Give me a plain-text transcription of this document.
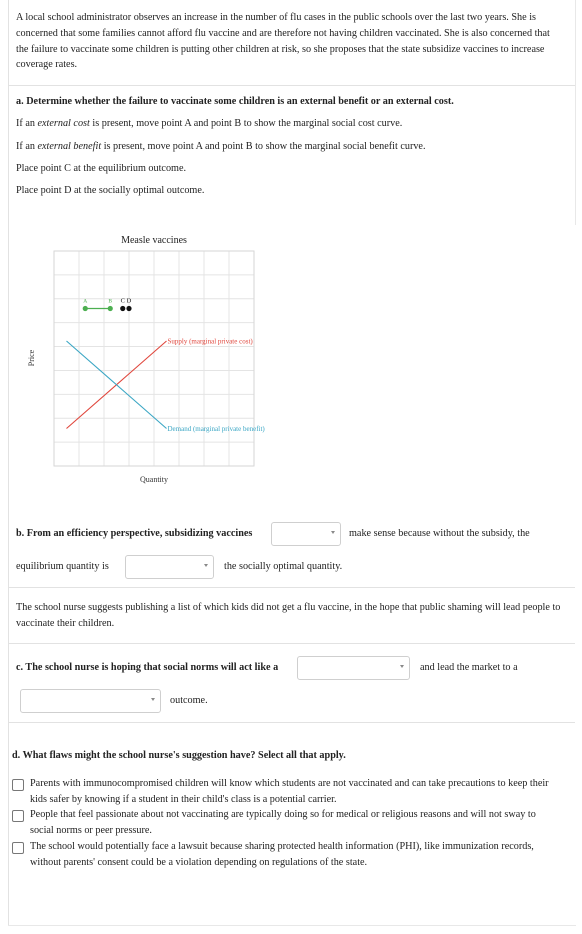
A local school administrator observes an increase in the number of flu cases in the public schools over the last two years. She is concerned that some families cannot afford flu vaccine and are therefore not having children vaccinated. She is also concerned that the failure to vaccinate some children is putting other children at risk, so she proposes that the state subsidize vaccines to increase coverage rates.
a. Determine whether the failure to vaccinate some children is an external benefit or an external cost.
If an external cost is present, move point A and point B to show the marginal social cost curve.
If an external benefit is present, move point A and point B to show the marginal social benefit curve.
Place point C at the equilibrium outcome.
Place point D at the socially optimal outcome.
Measle vaccines
Supply (marginal private cost)
Demand (marginal private benefit)
A	B C D
Quantity
Price
b. From an efficiency perspective, subsidizing vaccines	make sense because without the subsidy, the
equilibrium quantity is	the socially optimal quantity.
The school nurse suggests publishing a list of which kids did not get a flu vaccine, in the hope that public shaming will lead people to vaccinate their children.
c. The school nurse is hoping that social norms will act like a	and lead the market to a
outcome.
d. What flaws might the school nurse's suggestion have? Select all that apply.
Parents with immunocompromised children will know which students are not vaccinated and can take precautions to keep their kids safer by knowing if a student in their child's class is a potential carrier.
People that feel passionate about not vaccinating are typically doing so for medical or religious reasons and will not sway to social norms or peer pressure.
The school would potentially face a lawsuit because sharing protected health information (PHI), like immunization records, without parents' consent could be a violation depending on regulations of the state.
